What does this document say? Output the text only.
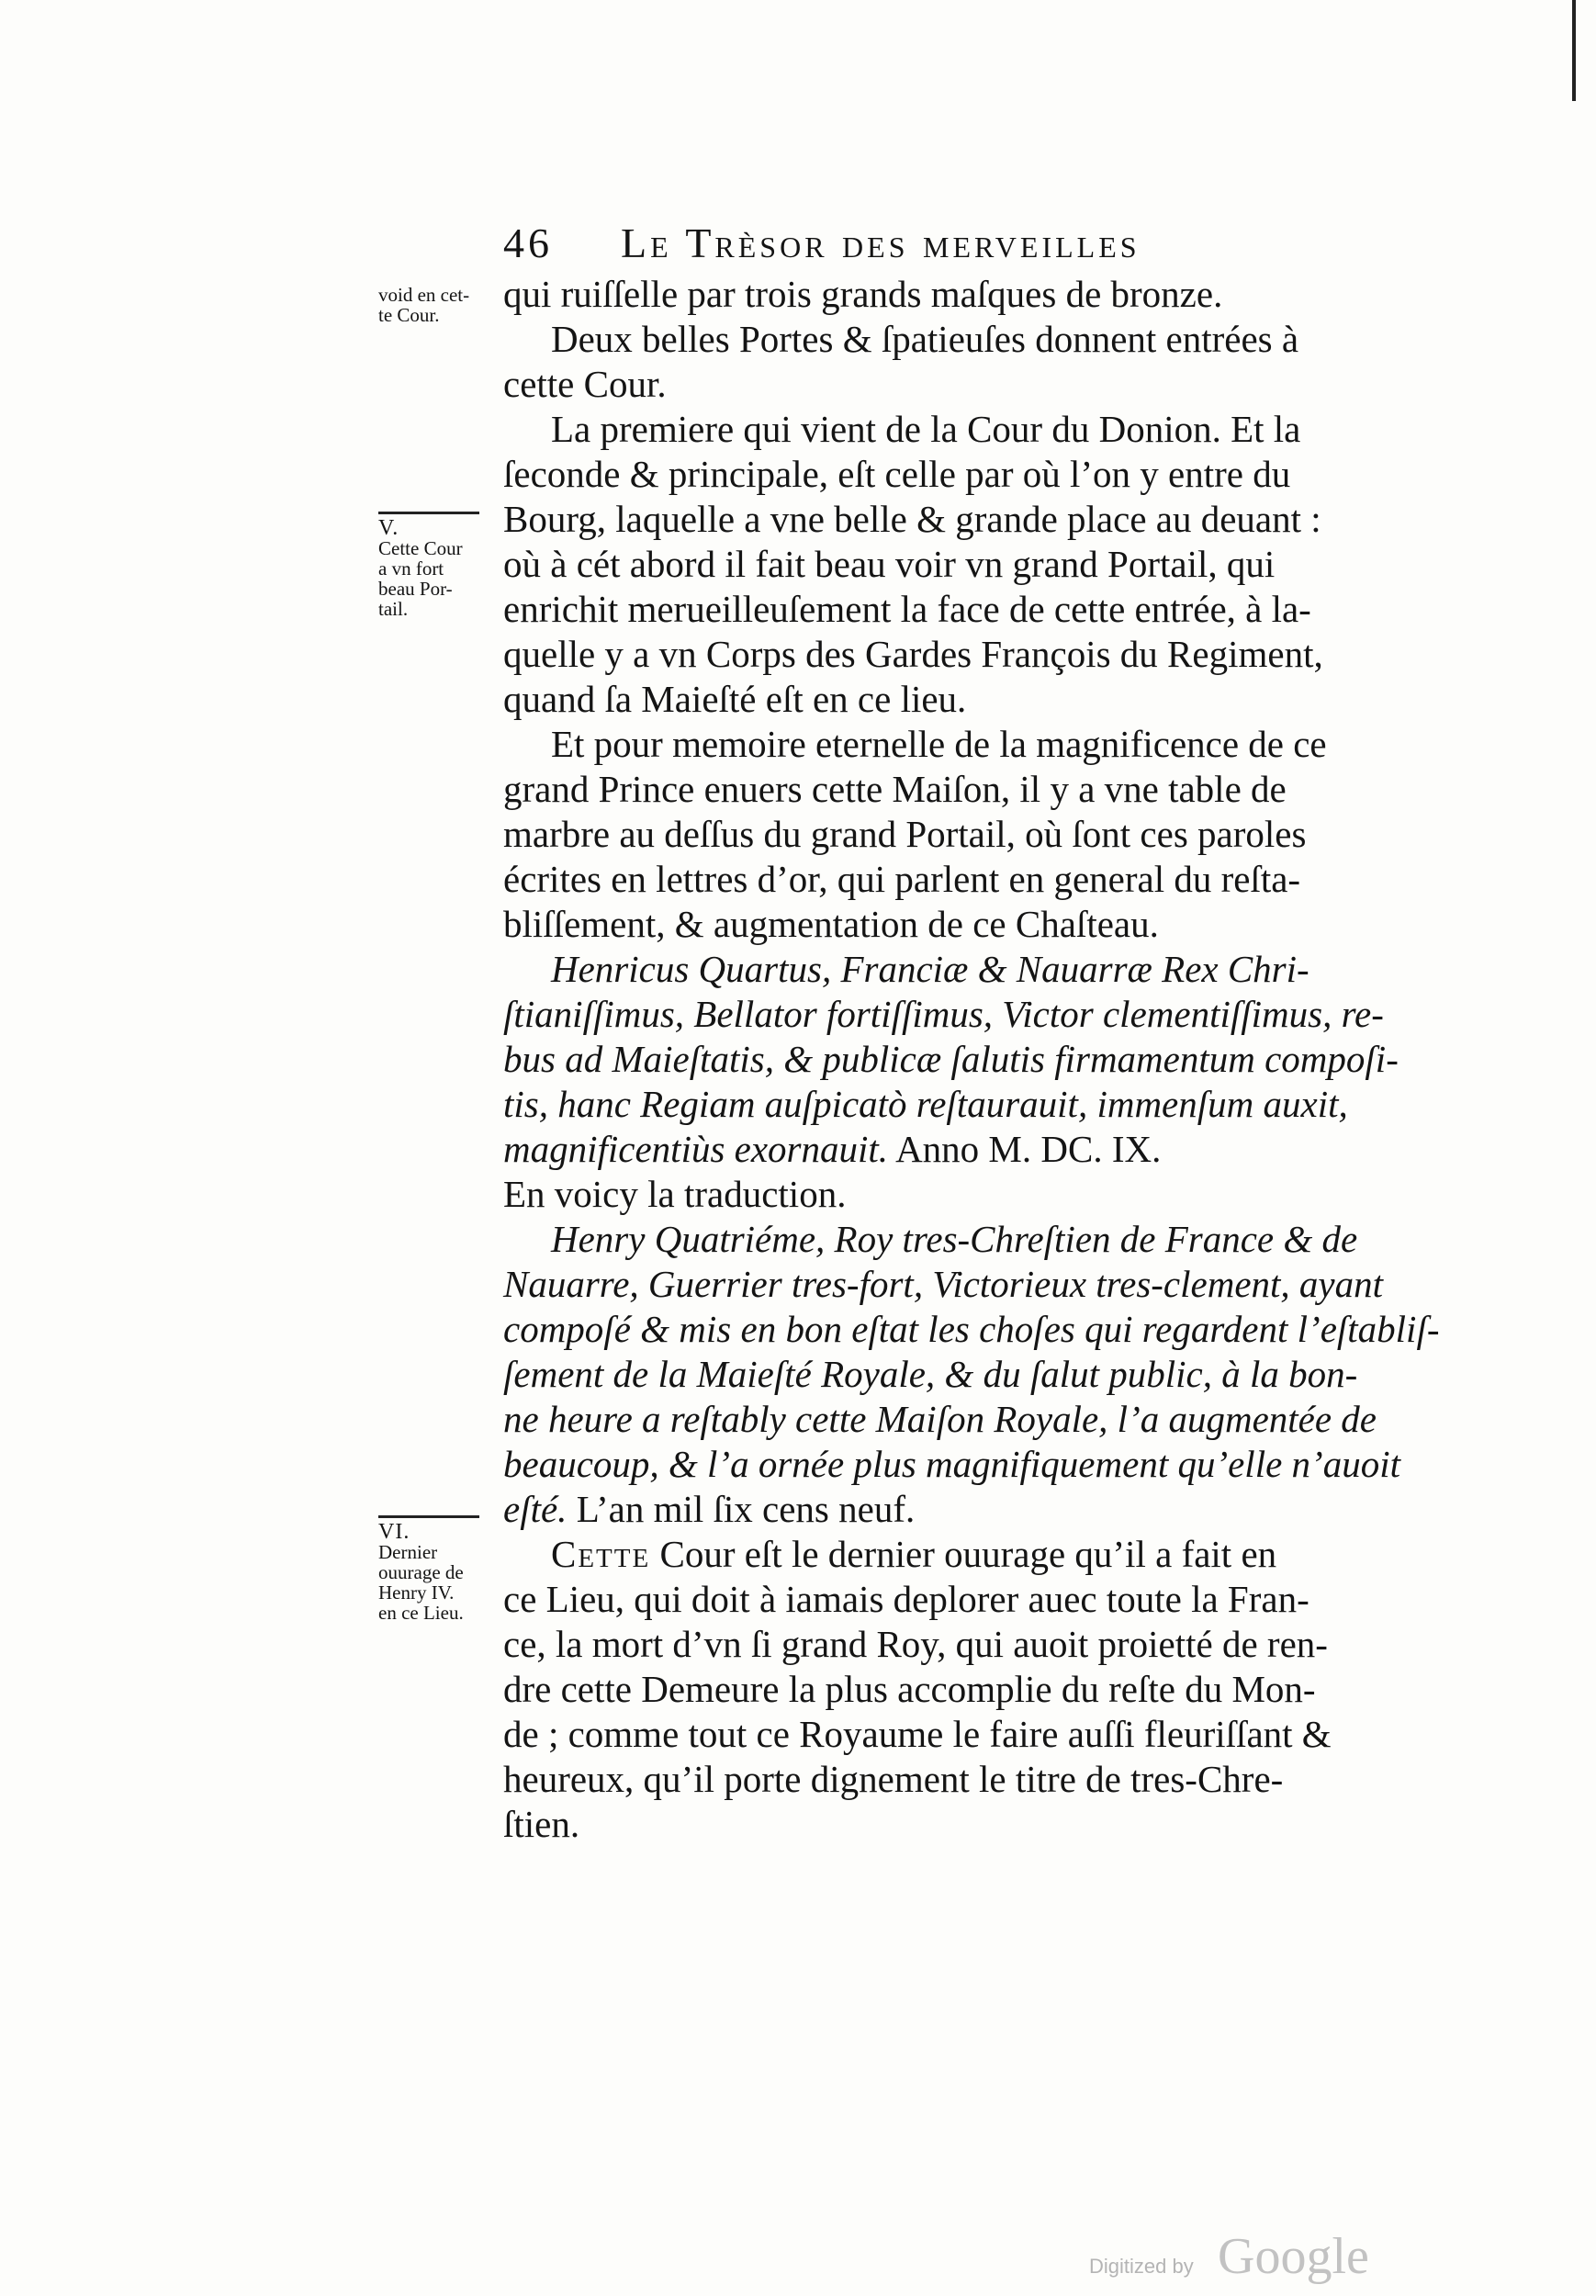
46 Le Trèsor des merveilles
void en cet-
te Cour.
V.
Cette Cour
a vn fort
beau Por-
tail.
VI.
Dernier
ouurage de
Henry IV.
en ce Lieu.
qui ruiſſelle par trois grands maſques de bronze.
Deux belles Portes & ſpatieuſes donnent entrées à
cette Cour.
La premiere qui vient de la Cour du Donion. Et la
ſeconde & principale, eſt celle par où l’on y entre du
Bourg, laquelle a vne belle & grande place au deuant :
où à cét abord il fait beau voir vn grand Portail, qui
enrichit merueilleuſement la face de cette entrée, à la-
quelle y a vn Corps des Gardes François du Regiment,
quand ſa Maieſté eſt en ce lieu.
Et pour memoire eternelle de la magnificence de ce
grand Prince enuers cette Maiſon, il y a vne table de
marbre au deſſus du grand Portail, où ſont ces paroles
écrites en lettres d’or, qui parlent en general du reſta-
bliſſement, & augmentation de ce Chaſteau.
Henricus Quartus, Franciæ & Nauarræ Rex Chri-
ſtianiſſimus, Bellator fortiſſimus, Victor clementiſſimus, re-
bus ad Maieſtatis, & publicæ ſalutis firmamentum compoſi-
tis, hanc Regiam auſpicatò reſtaurauit, immenſum auxit,
magnificentiùs exornauit. Anno M. DC. IX.
En voicy la traduction.
Henry Quatriéme, Roy tres-Chreſtien de France & de
Nauarre, Guerrier tres-fort, Victorieux tres-clement, ayant
compoſé & mis en bon eſtat les choſes qui regardent l’eſtabliſ-
ſement de la Maieſté Royale, & du ſalut public, à la bon-
ne heure a reſtably cette Maiſon Royale, l’a augmentée de
beaucoup, & l’a ornée plus magnifiquement qu’elle n’auoit
eſté. L’an mil ſix cens neuf.
Cette Cour eſt le dernier ouurage qu’il a fait en
ce Lieu, qui doit à iamais deplorer auec toute la Fran-
ce, la mort d’vn ſi grand Roy, qui auoit proietté de ren-
dre cette Demeure la plus accomplie du reſte du Mon-
de ; comme tout ce Royaume le faire auſſi fleuriſſant &
heureux, qu’il porte dignement le titre de tres-Chre-
ſtien.
Digitized by Google
